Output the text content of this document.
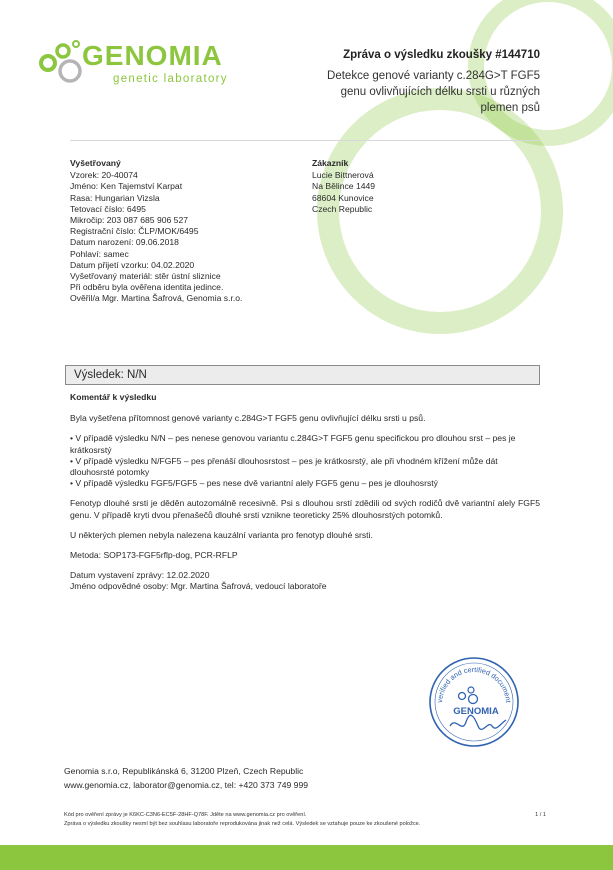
GENOMIA
genetic laboratory
Zpráva o výsledku zkoušky #144710
Detekce genové varianty c.284G>T FGF5 genu ovlivňujících délku srsti u různých plemen psů
Vyšetřovaný
Vzorek: 20-40074
Jméno: Ken Tajemství Karpat
Rasa: Hungarian Vizsla
Tetovací číslo: 6495
Mikročip: 203 087 685 906 527
Registrační číslo: ČLP/MOK/6495
Datum narození: 09.06.2018
Pohlaví: samec
Datum přijetí vzorku: 04.02.2020
Vyšetřovaný materiál: stěr ústní sliznice
Při odběru byla ověřena identita jedince.
Ověřil/a Mgr. Martina Šafrová, Genomia s.r.o.
Zákazník
Lucie Bittnerová
Na Bělince 1449
68604 Kunovice
Czech Republic
Výsledek: N/N

Komentář k výsledku

Byla vyšetřena přítomnost genové varianty c.284G>T FGF5 genu ovlivňující délku srsti u psů.

• V případě výsledku N/N – pes nenese genovou variantu c.284G>T FGF5 genu specifickou pro dlouhou srst – pes je krátkosrstý

• V případě výsledku N/FGF5 – pes přenáší dlouhosrstost – pes je krátkosrstý, ale při vhodném křížení může dát dlouhosrsté potomky

• V případě výsledku FGF5/FGF5 – pes nese dvě variantní alely FGF5 genu – pes je dlouhosrstý

Fenotyp dlouhé srsti je děděn autozomálně recesivně. Psi s dlouhou srstí zdědili od svých rodičů dvě variantní alely FGF5 genu. V případě kryti dvou přenašečů dlouhé srsti vznikne teoreticky 25% dlouhosrstých potomků.

U některých plemen nebyla nalezena kauzální varianta pro fenotyp dlouhé srsti.

Metoda: SOP173-FGF5rflp-dog, PCR-RFLP

Datum vystavení zprávy: 12.02.2020

Jméno odpovědné osoby: Mgr. Martina Šafrová, vedoucí laboratoře

verified and certified document
GENOMIA
Genomia s.r.o, Republikánská 6, 31200 Plzeň, Czech Republic
www.genomia.cz, laborator@genomia.cz, tel: +420 373 749 999
Kód pro ověření zprávy je K6KC-C3N6-EC5F-28HF-Q78F. Jděte na www.genomia.cz pro ověření.
Zpráva o výsledku zkoušky nesmí být bez souhlasu laboratoře reprodukována jinak než celá. Výsledek se vztahuje pouze ke zkoušené položce.
1 / 1
